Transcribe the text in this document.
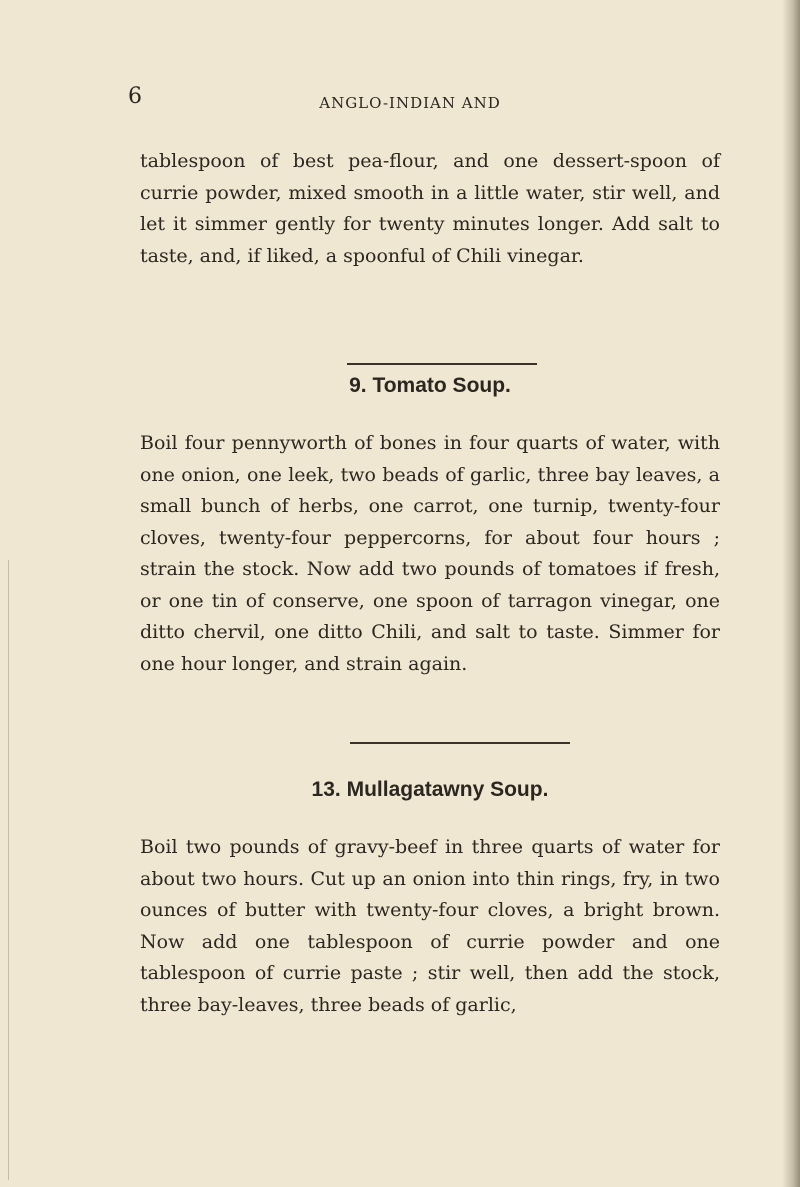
6	ANGLO-INDIAN AND

tablespoon of best pea-flour, and one dessert-spoon of currie powder, mixed smooth in a little water, stir well, and let it simmer gently for twenty minutes longer. Add salt to taste, and, if liked, a spoonful of Chili vinegar.

9. Tomato Soup.

Boil four pennyworth of bones in four quarts of water, with one onion, one leek, two beads of garlic, three bay leaves, a small bunch of herbs, one carrot, one turnip, twenty-four cloves, twenty-four peppercorns, for about four hours ; strain the stock. Now add two pounds of tomatoes if fresh, or one tin of conserve, one spoon of tarragon vinegar, one ditto chervil, one ditto Chili, and salt to taste. Simmer for one hour longer, and strain again.

13. Mullagatawny Soup.

Boil two pounds of gravy-beef in three quarts of water for about two hours. Cut up an onion into thin rings, fry, in two ounces of butter with twenty-four cloves, a bright brown. Now add one tablespoon of currie powder and one tablespoon of currie paste ; stir well, then add the stock, three bay-leaves, three beads of garlic,
